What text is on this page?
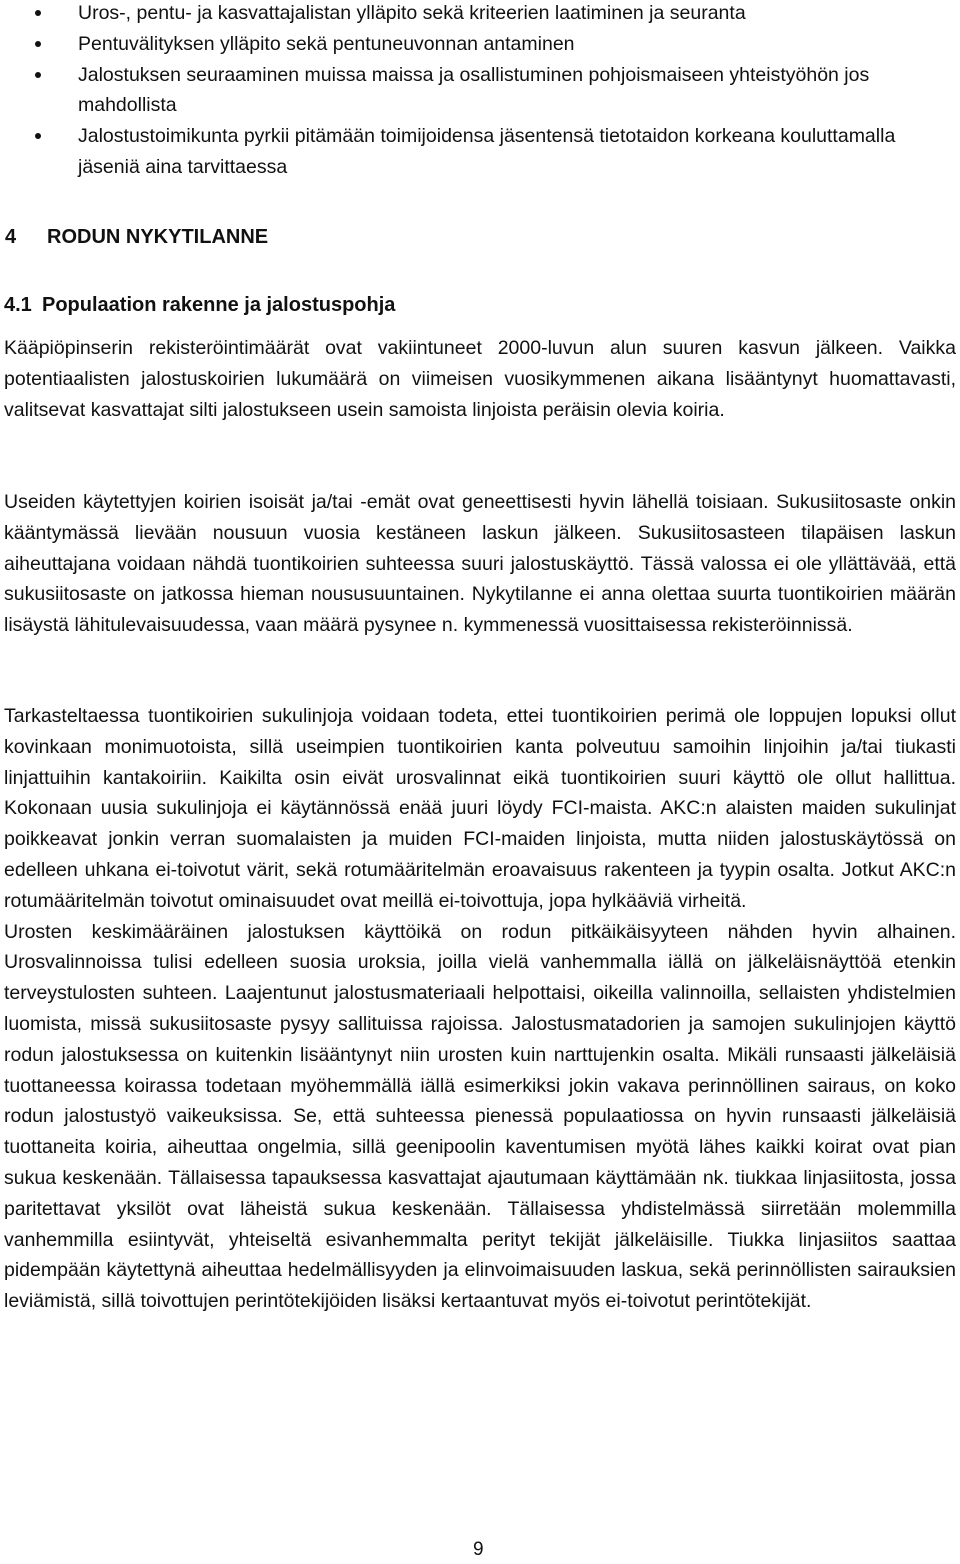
Uros-, pentu- ja kasvattajalistan ylläpito sekä kriteerien laatiminen ja seuranta
Pentuvälityksen ylläpito sekä pentuneuvonnan antaminen
Jalostuksen seuraaminen muissa maissa ja osallistuminen pohjoismaiseen yhteistyöhön jos mahdollista
Jalostustoimikunta pyrkii pitämään toimijoidensa jäsentensä tietotaidon korkeana kouluttamalla jäseniä aina tarvittaessa
4 RODUN NYKYTILANNE
4.1 Populaation rakenne ja jalostuspohja

Kääpiöpinserin rekisteröintimäärät ovat vakiintuneet 2000-luvun alun suuren kasvun jälkeen. Vaikka potentiaalisten jalostuskoirien lukumäärä on viimeisen vuosikymmenen aikana lisääntynyt huomattavasti, valitsevat kasvattajat silti jalostukseen usein samoista linjoista peräisin olevia koiria.

Useiden käytettyjen koirien isoisät ja/tai -emät ovat geneettisesti hyvin lähellä toisiaan. Sukusiitosaste onkin kääntymässä lievään nousuun vuosia kestäneen laskun jälkeen. Sukusiitosasteen tilapäisen laskun aiheuttajana voidaan nähdä tuontikoirien suhteessa suuri jalostuskäyttö. Tässä valossa ei ole yllättävää, että sukusiitosaste on jatkossa hieman noususuuntainen. Nykytilanne ei anna olettaa suurta tuontikoirien määrän lisäystä lähitulevaisuudessa, vaan määrä pysynee n. kymmenessä vuosittaisessa rekisteröinnissä.

Tarkasteltaessa tuontikoirien sukulinjoja voidaan todeta, ettei tuontikoirien perimä ole loppujen lopuksi ollut kovinkaan monimuotoista, sillä useimpien tuontikoirien kanta polveutuu samoihin linjoihin ja/tai tiukasti linjattuihin kantakoiriin. Kaikilta osin eivät urosvalinnat eikä tuontikoirien suuri käyttö ole ollut hallittua. Kokonaan uusia sukulinjoja ei käytännössä enää juuri löydy FCI-maista. AKC:n alaisten maiden sukulinjat poikkeavat jonkin verran suomalaisten ja muiden FCI-maiden linjoista, mutta niiden jalostuskäytössä on edelleen uhkana ei-toivotut värit, sekä rotumääritelmän eroavaisuus rakenteen ja tyypin osalta. Jotkut AKC:n rotumääritelmän toivotut ominaisuudet ovat meillä ei-toivottuja, jopa hylkääviä virheitä.
Urosten keskimääräinen jalostuksen käyttöikä on rodun pitkäikäisyyteen nähden hyvin alhainen. Urosvalinnoissa tulisi edelleen suosia uroksia, joilla vielä vanhemmalla iällä on jälkeläisnäyttöä etenkin terveystulosten suhteen. Laajentunut jalostusmateriaali helpottaisi, oikeilla valinnoilla, sellaisten yhdistelmien luomista, missä sukusiitosaste pysyy sallituissa rajoissa. Jalostusmatadorien ja samojen sukulinjojen käyttö rodun jalostuksessa on kuitenkin lisääntynyt niin urosten kuin narttujenkin osalta. Mikäli runsaasti jälkeläisiä tuottaneessa koirassa todetaan myöhemmällä iällä esimerkiksi jokin vakava perinnöllinen sairaus, on koko rodun jalostustyö vaikeuksissa. Se, että suhteessa pienessä populaatiossa on hyvin runsaasti jälkeläisiä tuottaneita koiria, aiheuttaa ongelmia, sillä geenipoolin kaventumisen myötä lähes kaikki koirat ovat pian sukua keskenään. Tällaisessa tapauksessa kasvattajat ajautumaan käyttämään nk. tiukkaa linjasiitosta, jossa paritettavat yksilöt ovat läheistä sukua keskenään. Tällaisessa yhdistelmässä siirretään molemmilla vanhemmilla esiintyvät, yhteiseltä esivanhemmalta perityt tekijät jälkeläisille. Tiukka linjasiitos saattaa pidempään käytettynä aiheuttaa hedelmällisyyden ja elinvoimaisuuden laskua, sekä perinnöllisten sairauksien leviämistä, sillä toivottujen perintötekijöiden lisäksi kertaantuvat myös ei-toivotut perintötekijät.
9
